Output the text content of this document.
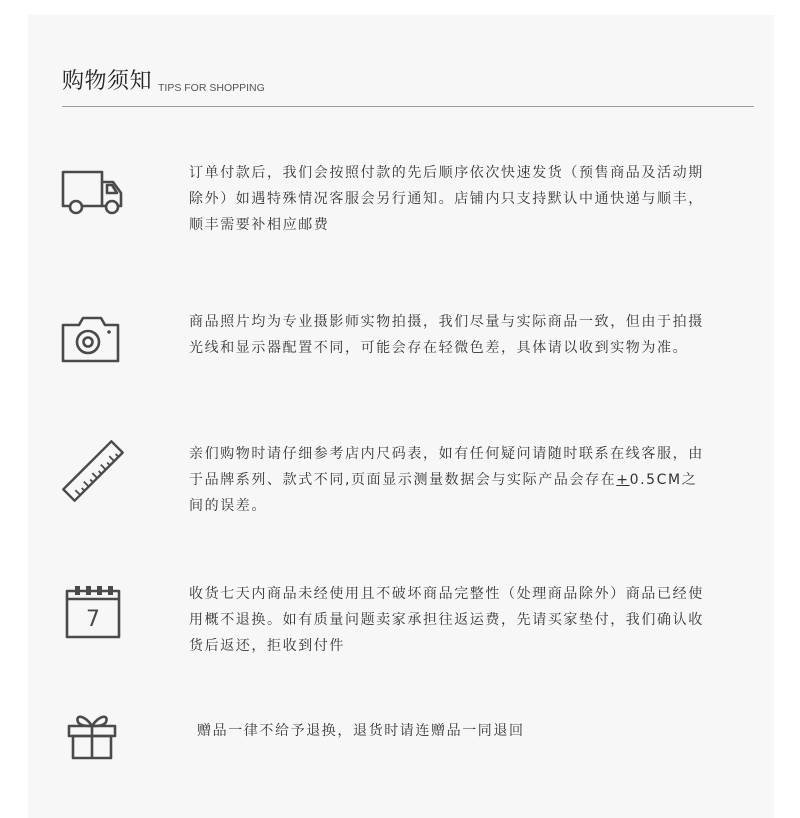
购物须知 TIPS FOR SHOPPING
订单付款后，我们会按照付款的先后顺序依次快速发货（预售商品及活动期除外）如遇特殊情况客服会另行通知。店铺内只支持默认中通快递与顺丰，顺丰需要补相应邮费
商品照片均为专业摄影师实物拍摄，我们尽量与实际商品一致，但由于拍摄光线和显示器配置不同，可能会存在轻微色差，具体请以收到实物为准。
亲们购物时请仔细参考店内尺码表，如有任何疑问请随时联系在线客服，由于品牌系列、款式不同,页面显示测量数据会与实际产品会存在+0.5CM之间的误差。
7
收货七天内商品未经使用且不破坏商品完整性（处理商品除外）商品已经使用概不退换。如有质量问题卖家承担往返运费，先请买家垫付，我们确认收货后返还，拒收到付件
赠品一律不给予退换，退货时请连赠品一同退回
